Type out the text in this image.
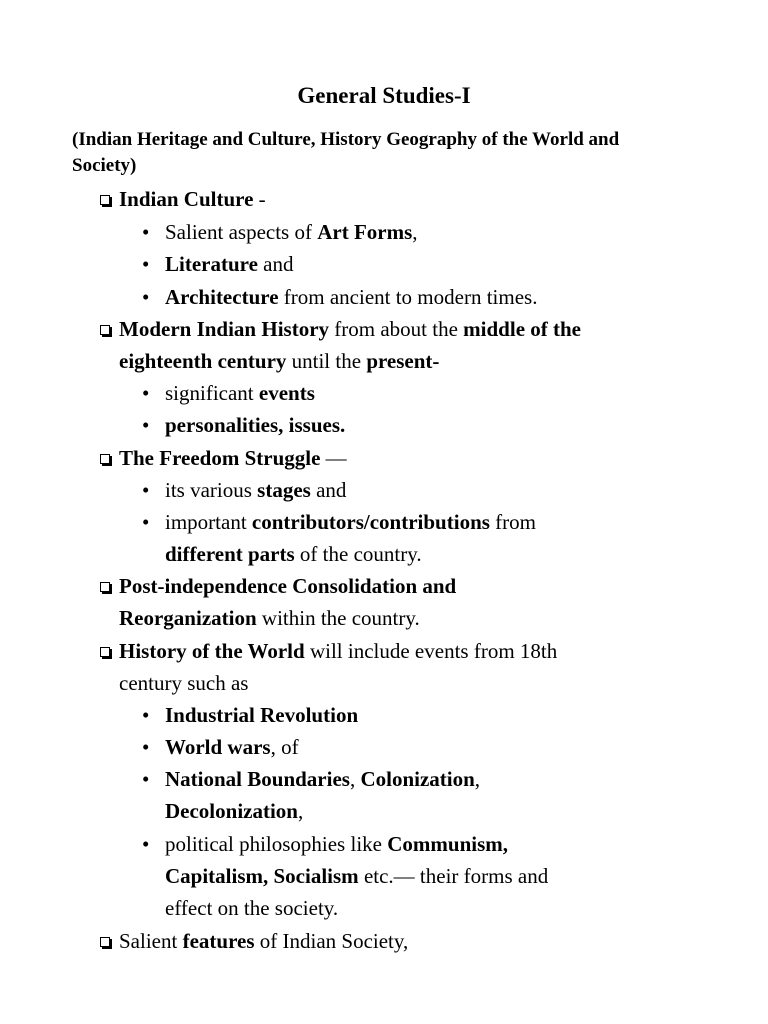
General Studies-I
(Indian Heritage and Culture, History Geography of the World and Society)
Indian Culture -
• Salient aspects of Art Forms,
• Literature and
• Architecture from ancient to modern times.
Modern Indian History from about the middle of the
eighteenth century until the present-
• significant events
• personalities, issues.
The Freedom Struggle —
• its various stages and
• important contributors/contributions from
different parts of the country.
Post-independence Consolidation and
Reorganization within the country.
History of the World will include events from 18th
century such as
• Industrial Revolution
• World wars, of
• National Boundaries, Colonization,
Decolonization,
• political philosophies like Communism,
Capitalism, Socialism etc.— their forms and
effect on the society.
Salient features of Indian Society,
